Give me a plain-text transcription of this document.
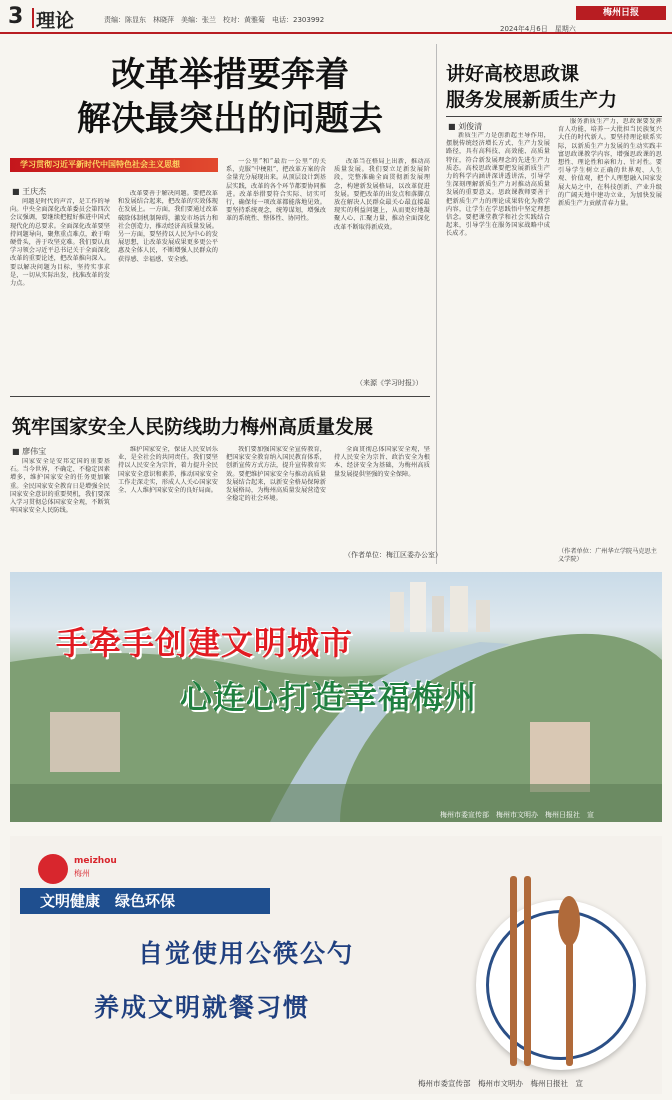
3 理论	责编：陈显东　林晓萍　美编：张兰　校对：黄雅菊　电话：2303992
梅州日报
2024年4月6日　星期六
改革举措要奔着
解决最突出的问题去
学习贯彻习近平新时代中国特色社会主义思想
■ 王庆杰
问题是时代的声音，是工作的导向。中央全面深化改革委员会第四次会议强调，要继续把握好推进中国式现代化的总要求。全面深化改革要坚持问题导向，聚焦重点难点，敢于啃硬骨头，善于攻坚克难。我们要认真学习领会习近平总书记关于全面深化改革的重要论述，把改革推向深入。要以解决问题为目标，坚持实事求是，一切从实际出发，找准改革的发力点。
改革要善于解决问题。要把改革和发展结合起来，把改革的实效体现在发展上。一方面，我们要通过改革破除体制机制障碍，激发市场活力和社会创造力，推动经济高质量发展。另一方面，要坚持以人民为中心的发展思想，让改革发展成果更多更公平惠及全体人民，不断增强人民群众的获得感、幸福感、安全感。
一公里”和“最后一公里”的关系，克服“中梗阻”，把改革方案的含金量充分展现出来。从顶层设计到基层实践，改革的各个环节都要协同推进。改革举措要符合实际、切实可行，确保每一项改革都能落地见效。要坚持系统观念，统筹谋划，增强改革的系统性、整体性、协同性。
改革当在格局上出新，推动高质量发展。我们要立足新发展阶段，完整准确全面贯彻新发展理念，构建新发展格局，以改革促进发展。要把改革的出发点和落脚点放在解决人民群众最关心最直接最现实的利益问题上，从而更好地凝聚人心、汇聚力量，推动全面深化改革不断取得新成效。
（来源《学习时报》）
讲好高校思政课
服务发展新质生产力
■ 刘俊清
新质生产力是创新起主导作用，摆脱传统经济增长方式、生产力发展路径，具有高科技、高效能、高质量特征，符合新发展理念的先进生产力质态。高校思政课要把发展新质生产力的科学内涵讲深讲透讲活，引导学生深刻理解新质生产力对推动高质量发展的重要意义。思政课教师要善于把新质生产力的理论成果转化为教学内容，让学生在学思践悟中坚定理想信念。要把课堂教学和社会实践结合起来，引导学生在服务国家战略中成长成才。
服务新质生产力，思政课要发挥育人功能，培养一大批担当民族复兴大任的时代新人。要坚持理论联系实际，以新质生产力发展的生动实践丰富思政课教学内容，增强思政课的思想性、理论性和亲和力、针对性。要引导学生树立正确的世界观、人生观、价值观，把个人理想融入国家发展大局之中，在科技创新、产业升级的广阔天地中建功立业，为加快发展新质生产力贡献青春力量。
（作者单位：广州华立学院马克思主义学院）
筑牢国家安全人民防线助力梅州高质量发展
■ 廖伟宝
国家安全是安邦定国的重要基石。当今世界，不确定、不稳定因素增多，维护国家安全的任务更加繁重。全民国家安全教育日是增强全民国家安全意识的重要契机，我们要深入学习贯彻总体国家安全观，不断筑牢国家安全人民防线。
维护国家安全，保证人民安居乐业，是全社会的共同责任。我们要坚持以人民安全为宗旨，着力提升全民国家安全意识和素养，推动国家安全工作走深走实，形成人人关心国家安全、人人维护国家安全的良好局面。
我们要加强国家安全宣传教育，把国家安全教育纳入国民教育体系，创新宣传方式方法，提升宣传教育实效。要把维护国家安全与推动高质量发展结合起来，以新安全格局保障新发展格局，为梅州高质量发展营造安全稳定的社会环境。
全面贯彻总体国家安全观，坚持人民安全为宗旨、政治安全为根本、经济安全为基础，为梅州高质量发展提供坚强的安全保障。
（作者单位：梅江区委办公室）
手牵手创建文明城市
心连心打造幸福梅州
梅州市委宣传部　梅州市文明办　梅州日报社　宣
meizhou
梅州
文明健康　绿色环保
自觉使用公筷公勺
养成文明就餐习惯
梅州市委宣传部　梅州市文明办　梅州日报社　宣
